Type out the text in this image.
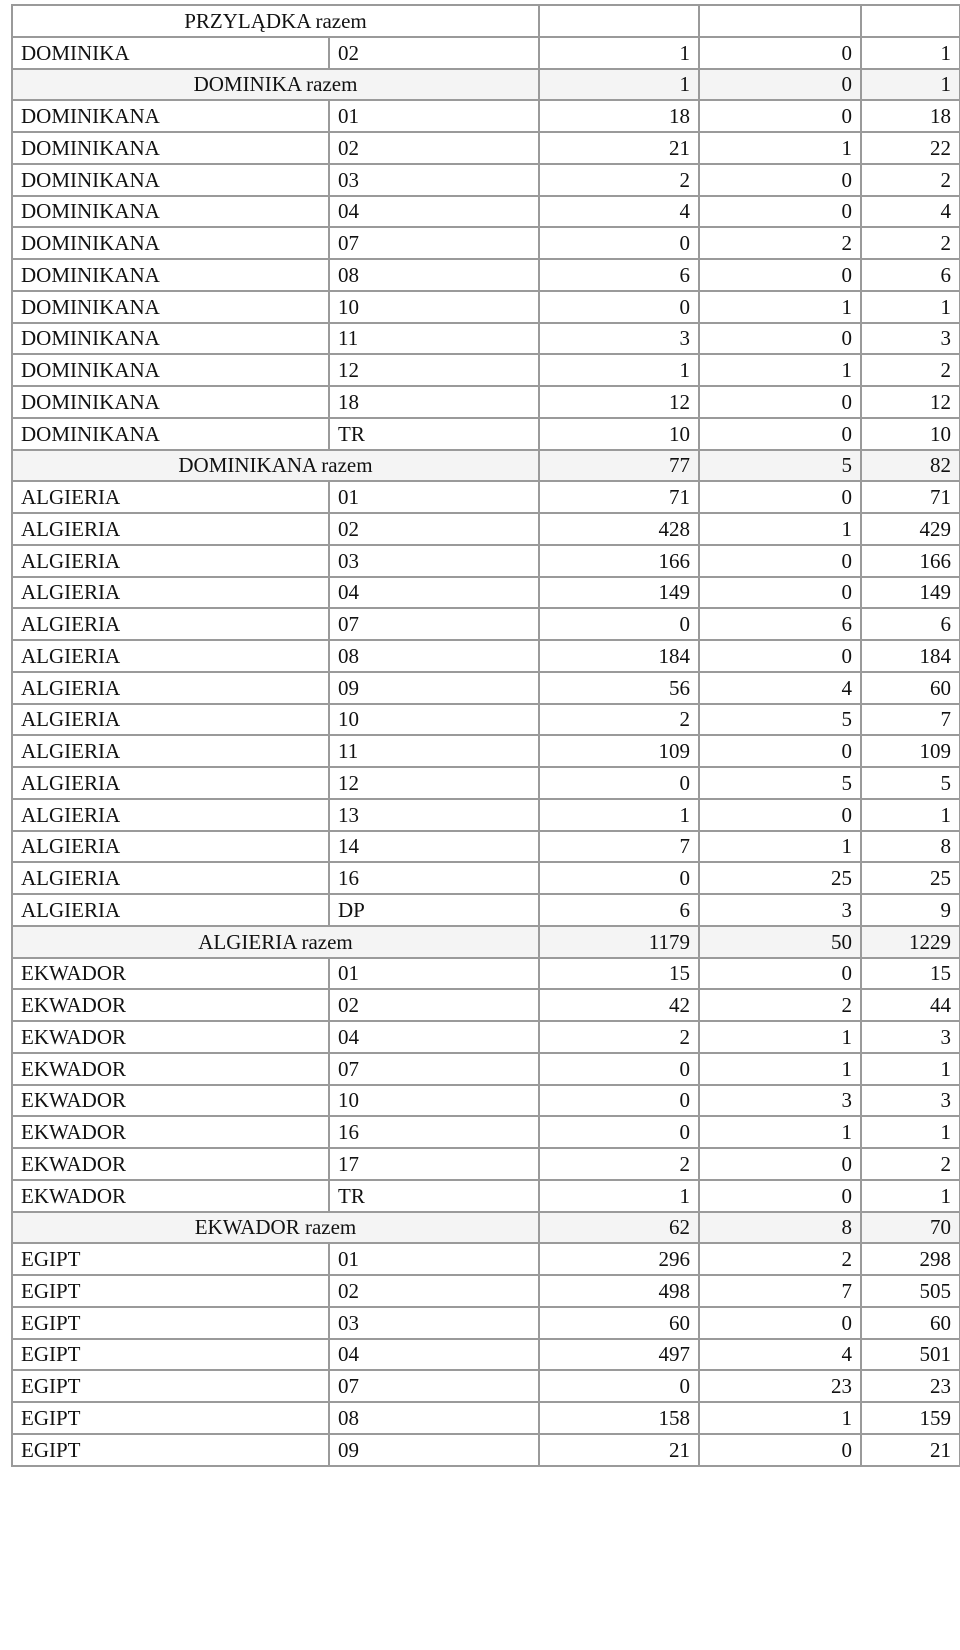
PRZYLĄDKA razem				
DOMINIKA	02	1	0	1
DOMINIKA razem		1	0	1
DOMINIKANA	01	18	0	18
DOMINIKANA	02	21	1	22
DOMINIKANA	03	2	0	2
DOMINIKANA	04	4	0	4
DOMINIKANA	07	0	2	2
DOMINIKANA	08	6	0	6
DOMINIKANA	10	0	1	1
DOMINIKANA	11	3	0	3
DOMINIKANA	12	1	1	2
DOMINIKANA	18	12	0	12
DOMINIKANA	TR	10	0	10
DOMINIKANA razem		77	5	82
ALGIERIA	01	71	0	71
ALGIERIA	02	428	1	429
ALGIERIA	03	166	0	166
ALGIERIA	04	149	0	149
ALGIERIA	07	0	6	6
ALGIERIA	08	184	0	184
ALGIERIA	09	56	4	60
ALGIERIA	10	2	5	7
ALGIERIA	11	109	0	109
ALGIERIA	12	0	5	5
ALGIERIA	13	1	0	1
ALGIERIA	14	7	1	8
ALGIERIA	16	0	25	25
ALGIERIA	DP	6	3	9
ALGIERIA razem		1179	50	1229
EKWADOR	01	15	0	15
EKWADOR	02	42	2	44
EKWADOR	04	2	1	3
EKWADOR	07	0	1	1
EKWADOR	10	0	3	3
EKWADOR	16	0	1	1
EKWADOR	17	2	0	2
EKWADOR	TR	1	0	1
EKWADOR razem		62	8	70
EGIPT	01	296	2	298
EGIPT	02	498	7	505
EGIPT	03	60	0	60
EGIPT	04	497	4	501
EGIPT	07	0	23	23
EGIPT	08	158	1	159
EGIPT	09	21	0	21
